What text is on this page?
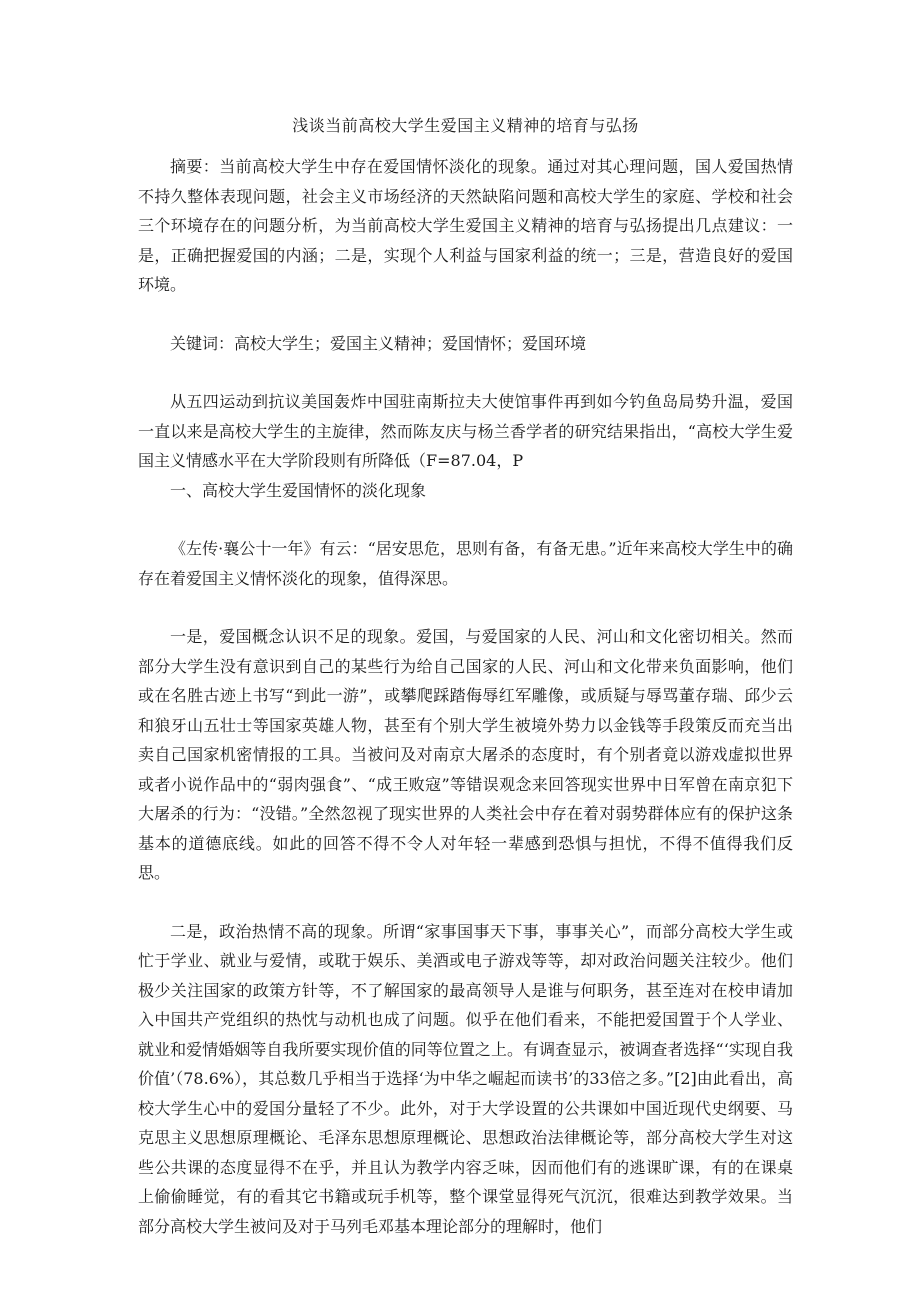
浅谈当前高校大学生爱国主义精神的培育与弘扬

摘要：当前高校大学生中存在爱国情怀淡化的现象。通过对其心理问题，国人爱国热情不持久整体表现问题，社会主义市场经济的天然缺陷问题和高校大学生的家庭、学校和社会三个环境存在的问题分析，为当前高校大学生爱国主义精神的培育与弘扬提出几点建议：一是，正确把握爱国的内涵；二是，实现个人利益与国家利益的统一；三是，营造良好的爱国环境。

关键词：高校大学生；爱国主义精神；爱国情怀；爱国环境

从五四运动到抗议美国轰炸中国驻南斯拉夫大使馆事件再到如今钓鱼岛局势升温，爱国一直以来是高校大学生的主旋律，然而陈友庆与杨兰香学者的研究结果指出，“高校大学生爱国主义情感水平在大学阶段则有所降低（F=87.04，P

一、高校大学生爱国情怀的淡化现象

《左传·襄公十一年》有云：“居安思危，思则有备，有备无患。”近年来高校大学生中的确存在着爱国主义情怀淡化的现象，值得深思。

一是，爱国概念认识不足的现象。爱国，与爱国家的人民、河山和文化密切相关。然而部分大学生没有意识到自己的某些行为给自己国家的人民、河山和文化带来负面影响，他们或在名胜古迹上书写“到此一游”，或攀爬踩踏侮辱红军雕像，或质疑与辱骂董存瑞、邱少云和狼牙山五壮士等国家英雄人物，甚至有个别大学生被境外势力以金钱等手段策反而充当出卖自己国家机密情报的工具。当被问及对南京大屠杀的态度时，有个别者竟以游戏虚拟世界或者小说作品中的“弱肉强食”、“成王败寇”等错误观念来回答现实世界中日军曾在南京犯下大屠杀的行为：“没错。”全然忽视了现实世界的人类社会中存在着对弱势群体应有的保护这条基本的道德底线。如此的回答不得不令人对年轻一辈感到恐惧与担忧，不得不值得我们反思。

二是，政治热情不高的现象。所谓“家事国事天下事，事事关心”，而部分高校大学生或忙于学业、就业与爱情，或耽于娱乐、美酒或电子游戏等等，却对政治问题关注较少。他们极少关注国家的政策方针等，不了解国家的最高领导人是谁与何职务，甚至连对在校申请加入中国共产党组织的热忱与动机也成了问题。似乎在他们看来，不能把爱国置于个人学业、就业和爱情婚姻等自我所要实现价值的同等位置之上。有调查显示，被调查者选择“‘实现自我价值’（78.6%），其总数几乎相当于选择‘为中华之崛起而读书’的33倍之多。”[2]由此看出，高校大学生心中的爱国分量轻了不少。此外，对于大学设置的公共课如中国近现代史纲要、马克思主义思想原理概论、毛泽东思想原理概论、思想政治法律概论等，部分高校大学生对这些公共课的态度显得不在乎，并且认为教学内容乏味，因而他们有的逃课旷课，有的在课桌上偷偷睡觉，有的看其它书籍或玩手机等，整个课堂显得死气沉沉，很难达到教学效果。当部分高校大学生被问及对于马列毛邓基本理论部分的理解时，他们
